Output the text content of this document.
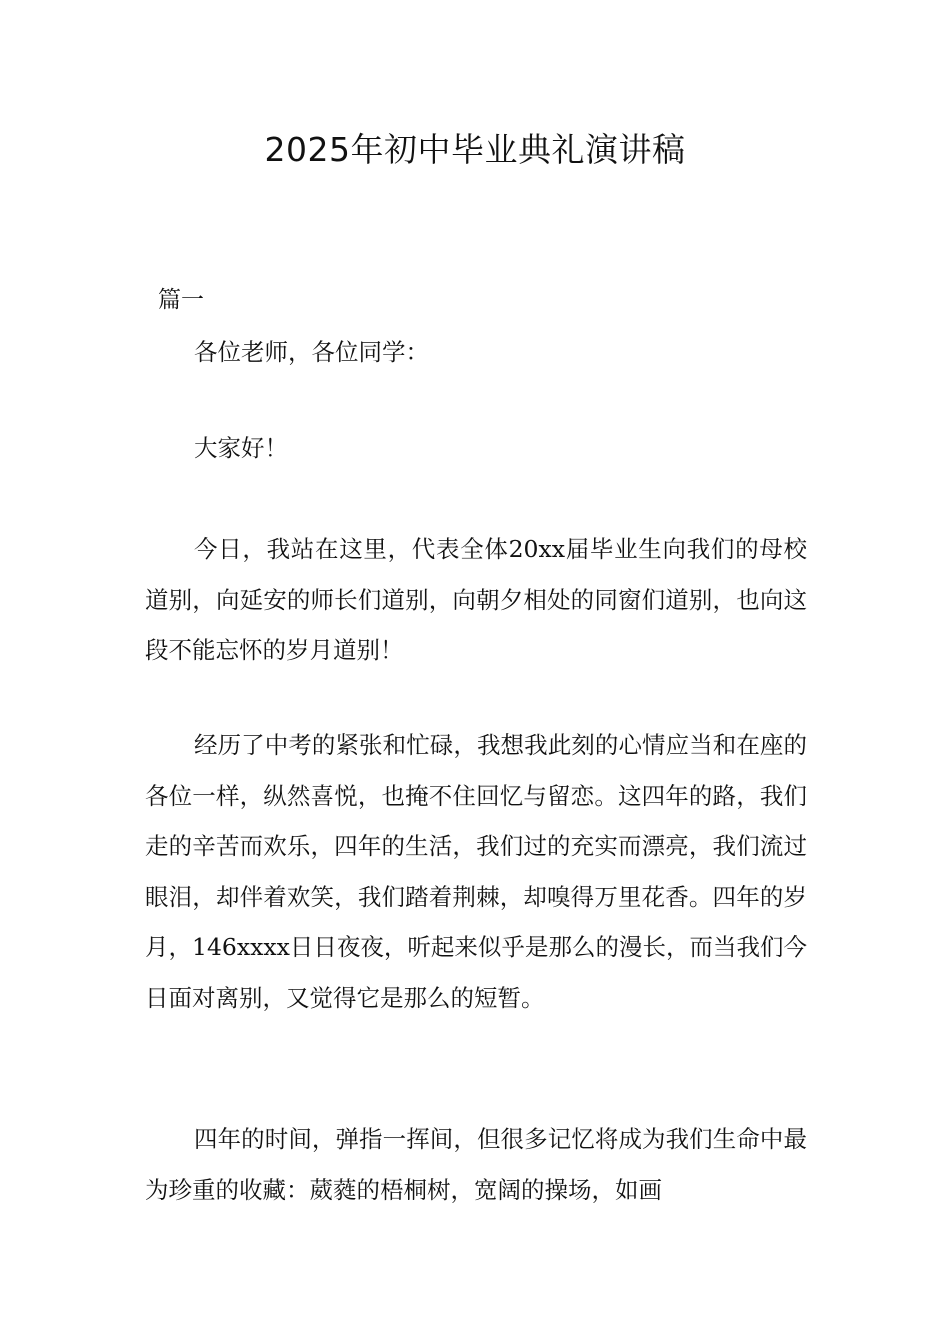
2025年初中毕业典礼演讲稿

篇一

各位老师，各位同学：

大家好！

今日，我站在这里，代表全体20xx届毕业生向我们的母校道别，向延安的师长们道别，向朝夕相处的同窗们道别，也向这段不能忘怀的岁月道别！

经历了中考的紧张和忙碌，我想我此刻的心情应当和在座的各位一样，纵然喜悦，也掩不住回忆与留恋。这四年的路，我们走的辛苦而欢乐，四年的生活，我们过的充实而漂亮，我们流过眼泪，却伴着欢笑，我们踏着荆棘，却嗅得万里花香。四年的岁月，146xxxx日日夜夜，听起来似乎是那么的漫长，而当我们今日面对离别，又觉得它是那么的短暂。

四年的时间，弹指一挥间，但很多记忆将成为我们生命中最为珍重的收藏：葳蕤的梧桐树，宽阔的操场，如画
